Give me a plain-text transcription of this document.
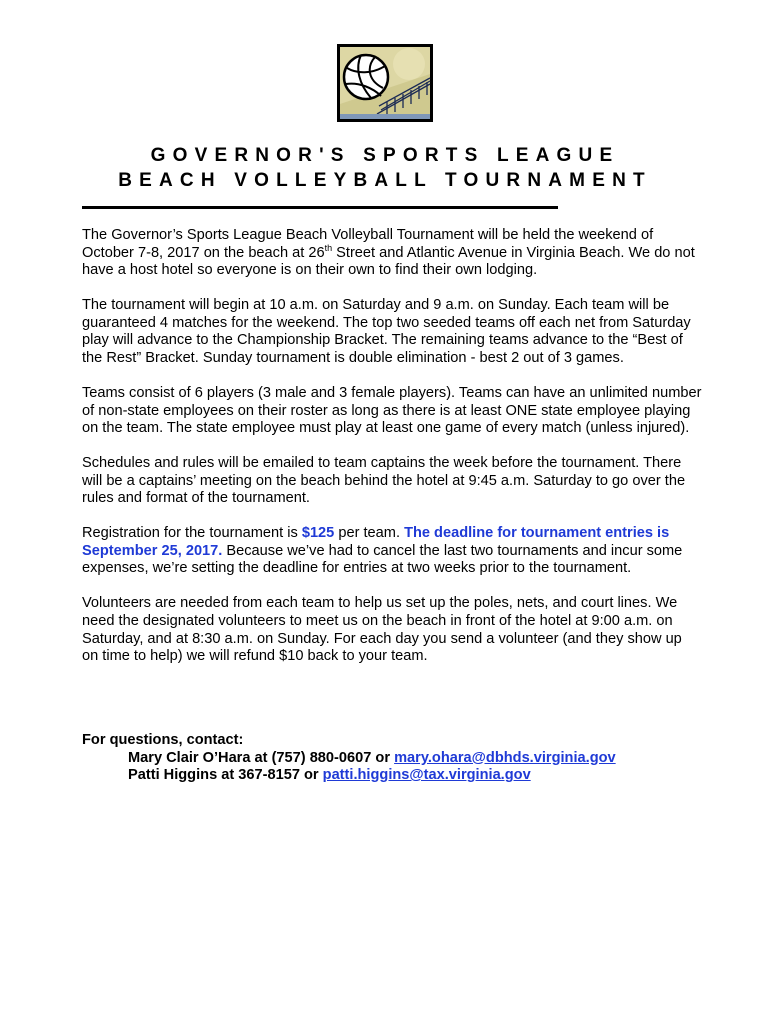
GOVERNOR'S SPORTS LEAGUE
BEACH VOLLEYBALL TOURNAMENT

The Governor’s Sports League Beach Volleyball Tournament will be held the weekend of October 7-8, 2017 on the beach at 26th Street and Atlantic Avenue in Virginia Beach. We do not have a host hotel so everyone is on their own to find their own lodging.

The tournament will begin at 10 a.m. on Saturday and 9 a.m. on Sunday. Each team will be guaranteed 4 matches for the weekend. The top two seeded teams off each net from Saturday play will advance to the Championship Bracket. The remaining teams advance to the “Best of the Rest” Bracket. Sunday tournament is double elimination - best 2 out of 3 games.

Teams consist of 6 players (3 male and 3 female players). Teams can have an unlimited number of non-state employees on their roster as long as there is at least ONE state employee playing on the team. The state employee must play at least one game of every match (unless injured).

Schedules and rules will be emailed to team captains the week before the tournament. There will be a captains’ meeting on the beach behind the hotel at 9:45 a.m. Saturday to go over the rules and format of the tournament.

Registration for the tournament is $125 per team. The deadline for tournament entries is September 25, 2017. Because we’ve had to cancel the last two tournaments and incur some expenses, we’re setting the deadline for entries at two weeks prior to the tournament.

Volunteers are needed from each team to help us set up the poles, nets, and court lines. We need the designated volunteers to meet us on the beach in front of the hotel at 9:00 a.m. on Saturday, and at 8:30 a.m. on Sunday. For each day you send a volunteer (and they show up on time to help) we will refund $10 back to your team.

For questions, contact:
Mary Clair O’Hara at (757) 880-0607 or mary.ohara@dbhds.virginia.gov
Patti Higgins at 367-8157 or patti.higgins@tax.virginia.gov
